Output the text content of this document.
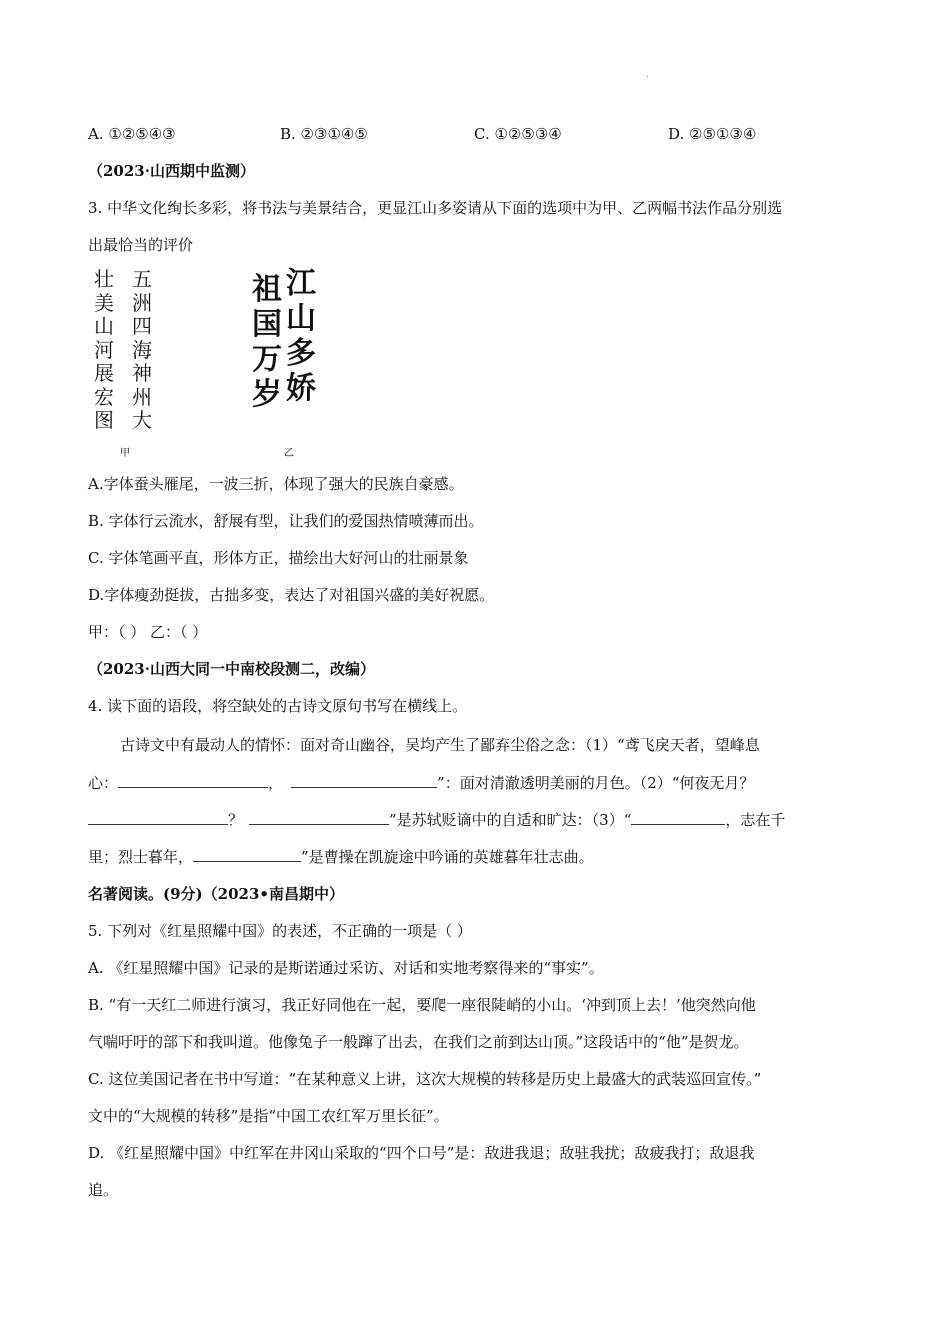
.
A. ①②⑤④③	B. ②③①④⑤	C. ①②⑤③④	D. ②⑤①③④
（2023·山西期中监测）
3. 中华文化绚长多彩，将书法与美景结合，更显江山多姿请从下面的选项中为甲、乙两幅书法作品分别选
出最恰当的评价
五洲四海神州大
壮美山河展宏图
甲
江山多娇
祖国万岁
乙
A.字体蚕头雁尾，一波三折，体现了强大的民族自豪感。
B. 字体行云流水，舒展有型，让我们的爱国热情喷薄而出。
C. 字体笔画平直，形体方正，描绘出大好河山的壮丽景象
D.字体瘦劲挺拔，古拙多变，表达了对祖国兴盛的美好祝愿。
甲：（ ） 乙：（ ）
（2023·山西大同一中南校段测二，改编）
4. 读下面的语段，将空缺处的古诗文原句书写在横线上。
古诗文中有最动人的情怀：面对奇山幽谷，吴均产生了鄙弃尘俗之念：（1）“鸢飞戾天者，望峰息
心：	，	”：面对清澈透明美丽的月色。（2）“何夜无月？
？	”是苏轼贬谪中的自适和旷达：（3）“	，志在千
里；烈士暮年，	”是曹操在凯旋途中吟诵的英雄暮年壮志曲。
名著阅读。(9分)（2023•南昌期中）
5. 下列对《红星照耀中国》的表述，不正确的一项是（ ）
A. 《红星照耀中国》记录的是斯诺通过采访、对话和实地考察得来的“事实”。
B. “有一天红二师进行演习，我正好同他在一起，要爬一座很陡峭的小山。‘冲到顶上去！’他突然向他
气喘吁吁的部下和我叫道。他像兔子一般蹿了出去，在我们之前到达山顶。”这段话中的“他”是贺龙。
C. 这位美国记者在书中写道：“在某种意义上讲，这次大规模的转移是历史上最盛大的武装巡回宣传。”
文中的“大规模的转移”是指“中国工农红军万里长征”。
D. 《红星照耀中国》中红军在井冈山采取的“四个口号”是：敌进我退；敌驻我扰；敌疲我打；敌退我
追。
